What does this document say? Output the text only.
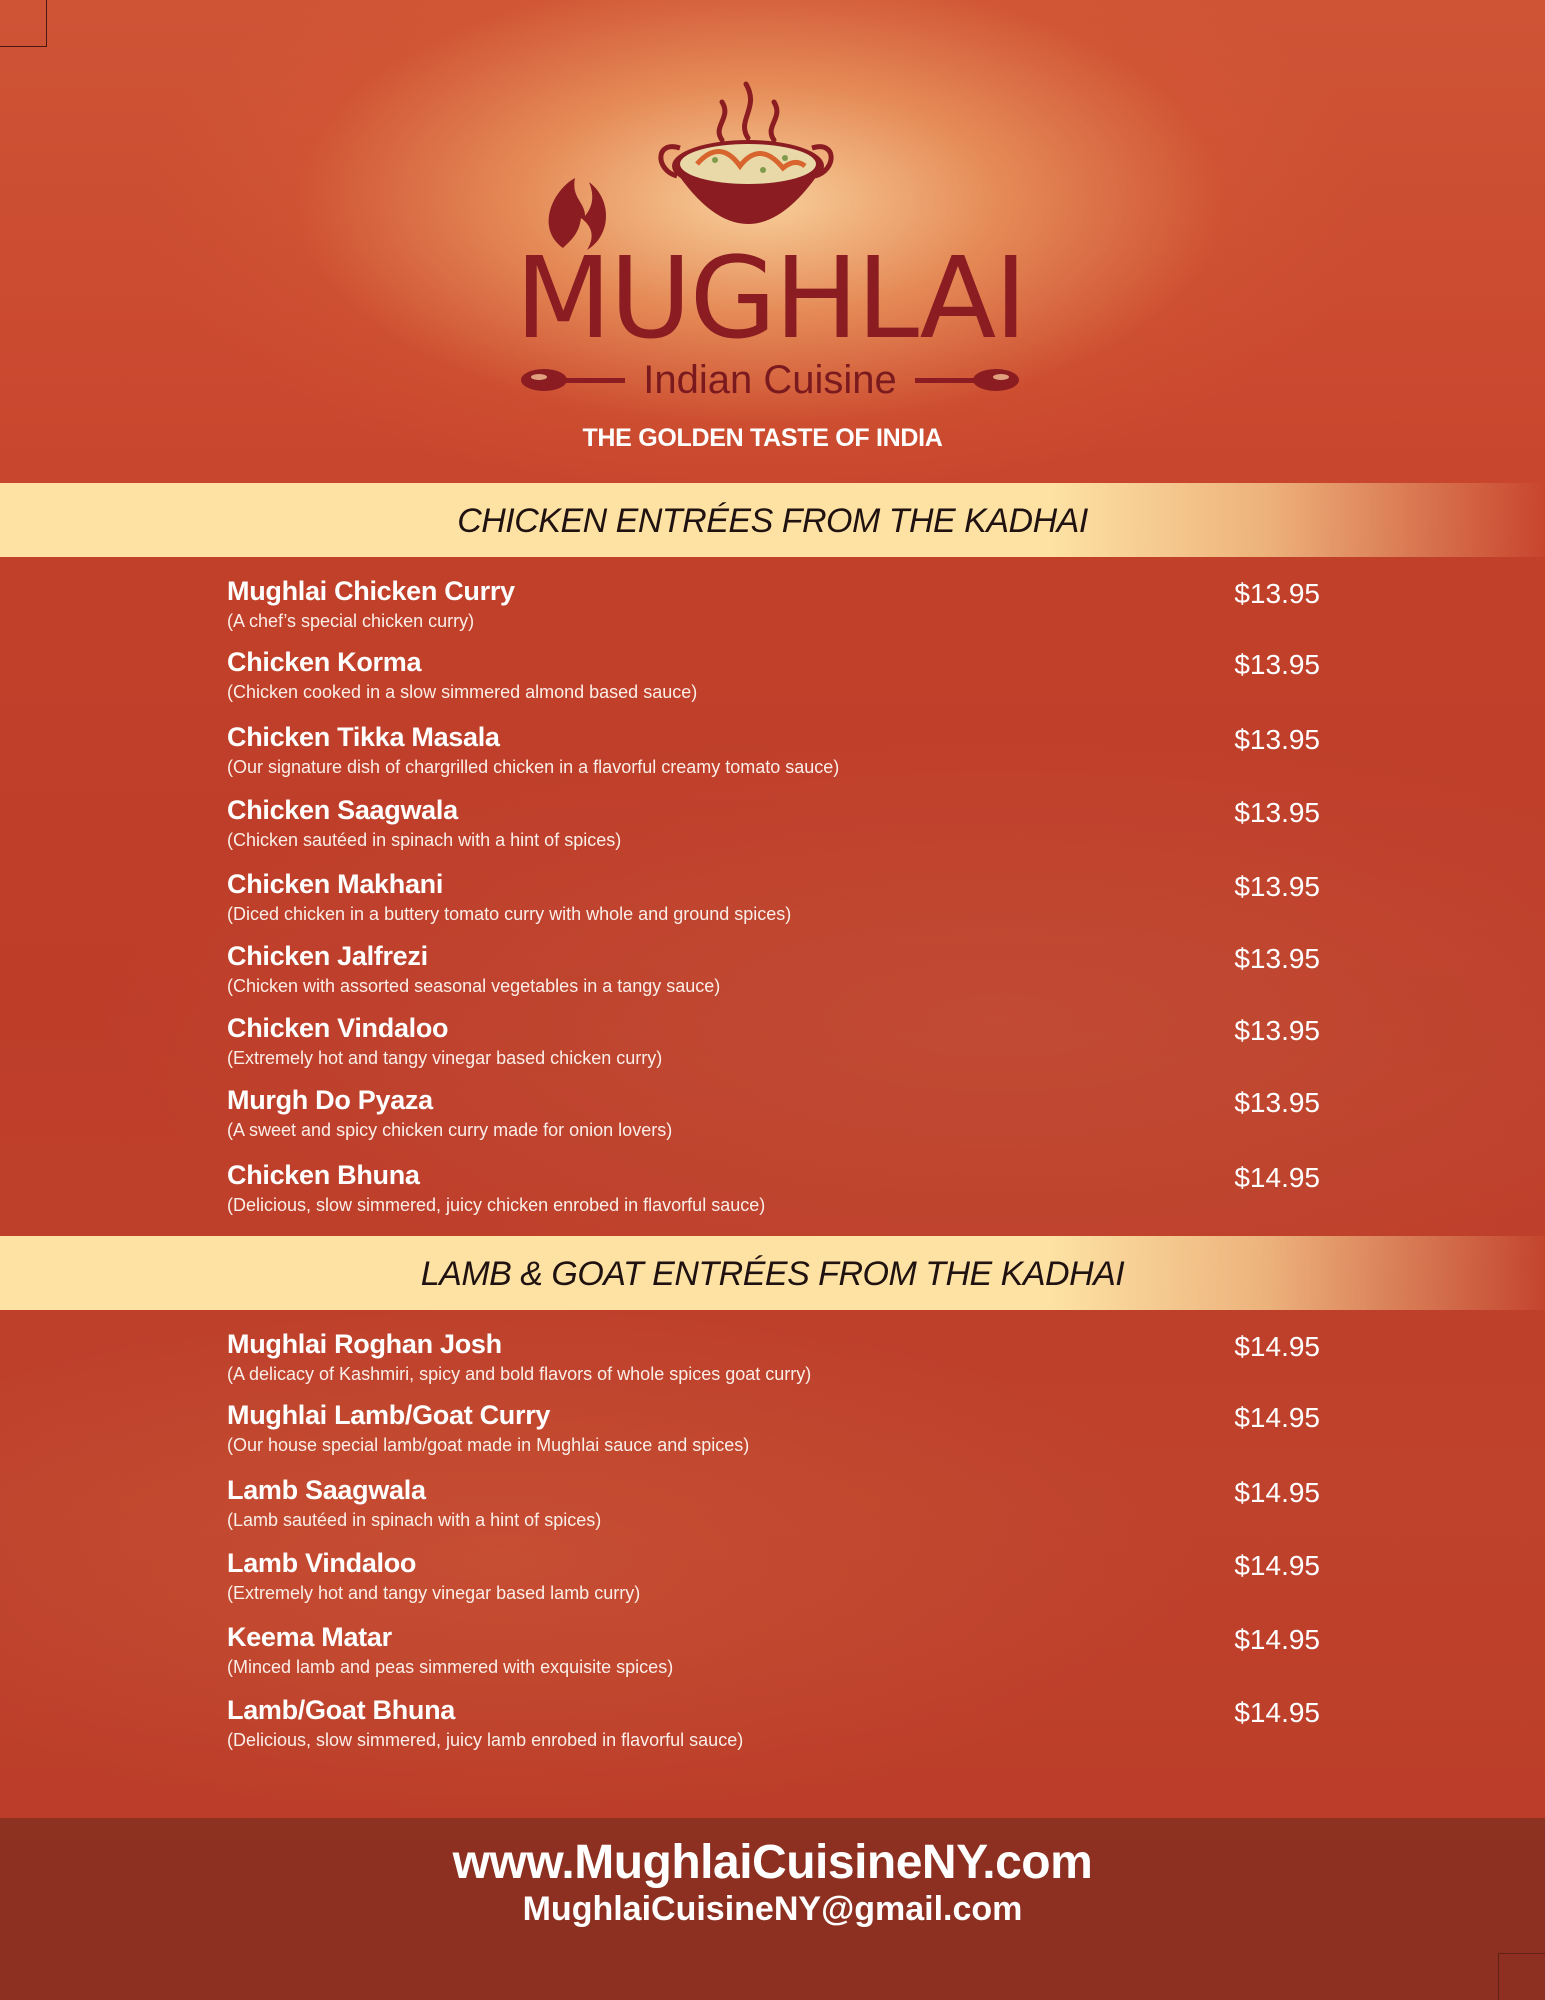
MUGHLAI
Indian Cuisine
THE GOLDEN TASTE OF INDIA
CHICKEN ENTRÉES FROM THE KADHAI
Mughlai Chicken Curry
(A chef’s special chicken curry)
$13.95
Chicken Korma
(Chicken cooked in a slow simmered almond based sauce)
$13.95
Chicken Tikka Masala
(Our signature dish of chargrilled chicken in a flavorful creamy tomato sauce)
$13.95
Chicken Saagwala
(Chicken sautéed in spinach with a hint of spices)
$13.95
Chicken Makhani
(Diced chicken in a buttery tomato curry with whole and ground spices)
$13.95
Chicken Jalfrezi
(Chicken with assorted seasonal vegetables in a tangy sauce)
$13.95
Chicken Vindaloo
(Extremely hot and tangy vinegar based chicken curry)
$13.95
Murgh Do Pyaza
(A sweet and spicy chicken curry made for onion lovers)
$13.95
Chicken Bhuna
(Delicious, slow simmered, juicy chicken enrobed in flavorful sauce)
$14.95
LAMB & GOAT ENTRÉES FROM THE KADHAI
Mughlai Roghan Josh
(A delicacy of Kashmiri, spicy and bold flavors of whole spices goat curry)
$14.95
Mughlai Lamb/Goat Curry
(Our house special lamb/goat made in Mughlai sauce and spices)
$14.95
Lamb Saagwala
(Lamb sautéed in spinach with a hint of spices)
$14.95
Lamb Vindaloo
(Extremely hot and tangy vinegar based lamb curry)
$14.95
Keema Matar
(Minced lamb and peas simmered with exquisite spices)
$14.95
Lamb/Goat Bhuna
(Delicious, slow simmered, juicy lamb enrobed in flavorful sauce)
$14.95
www.MughlaiCuisineNY.com
MughlaiCuisineNY@gmail.com
